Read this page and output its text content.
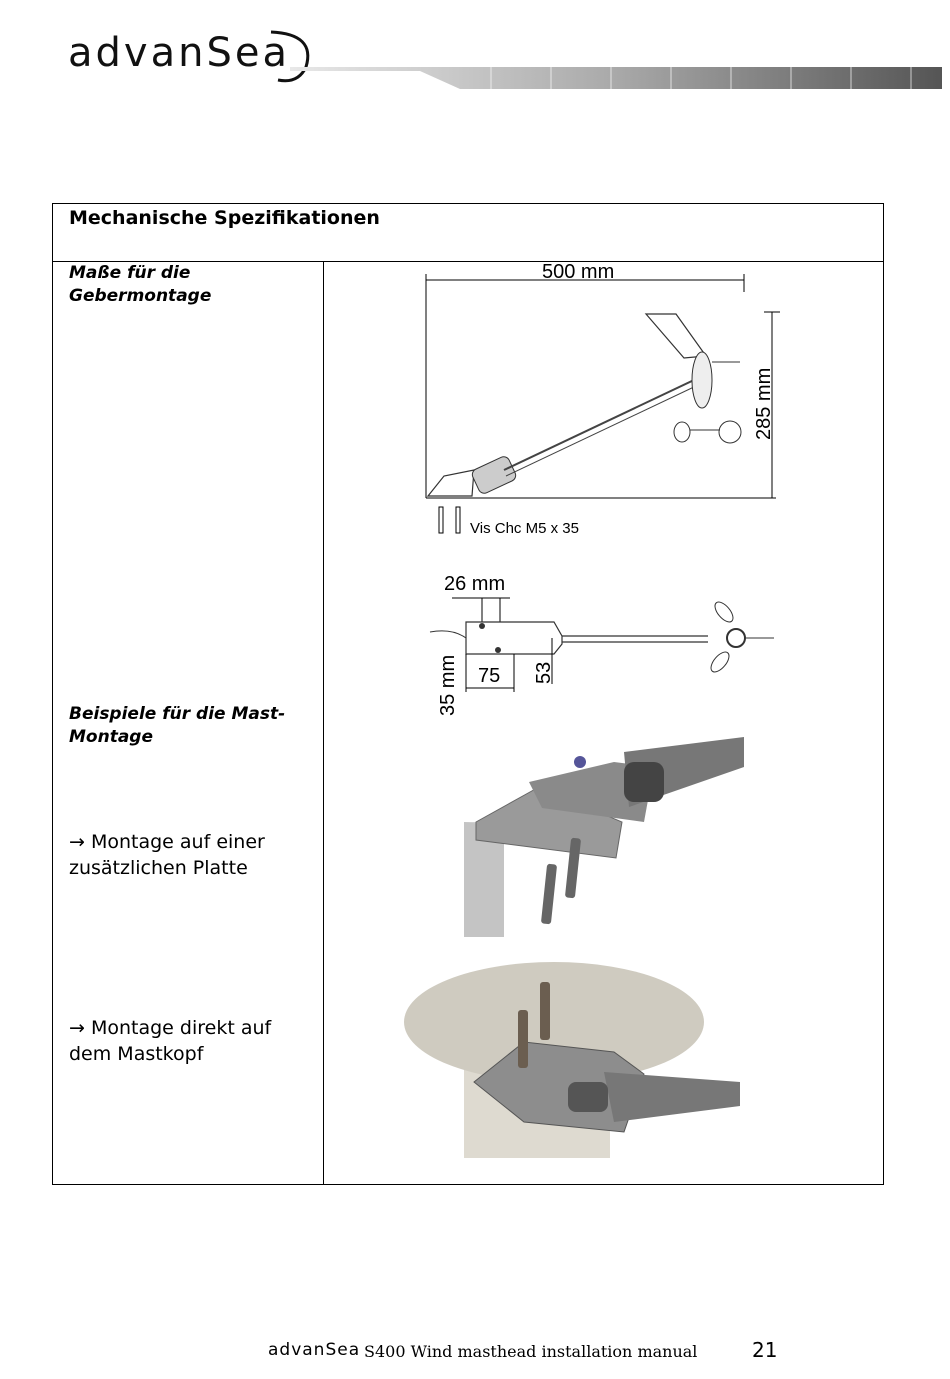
advanSea
Mechanische Spezifikationen

Maße für die
Gebermontage
Beispiele für die Mast-
Montage
→ Montage auf einer
zusätzlichen Platte
→ Montage direkt auf
dem Mastkopf

500 mm
285 mm
Vis Chc M5 x 35
26 mm
75 53
35 mm
advanSea S400 Wind masthead installation manual	21
